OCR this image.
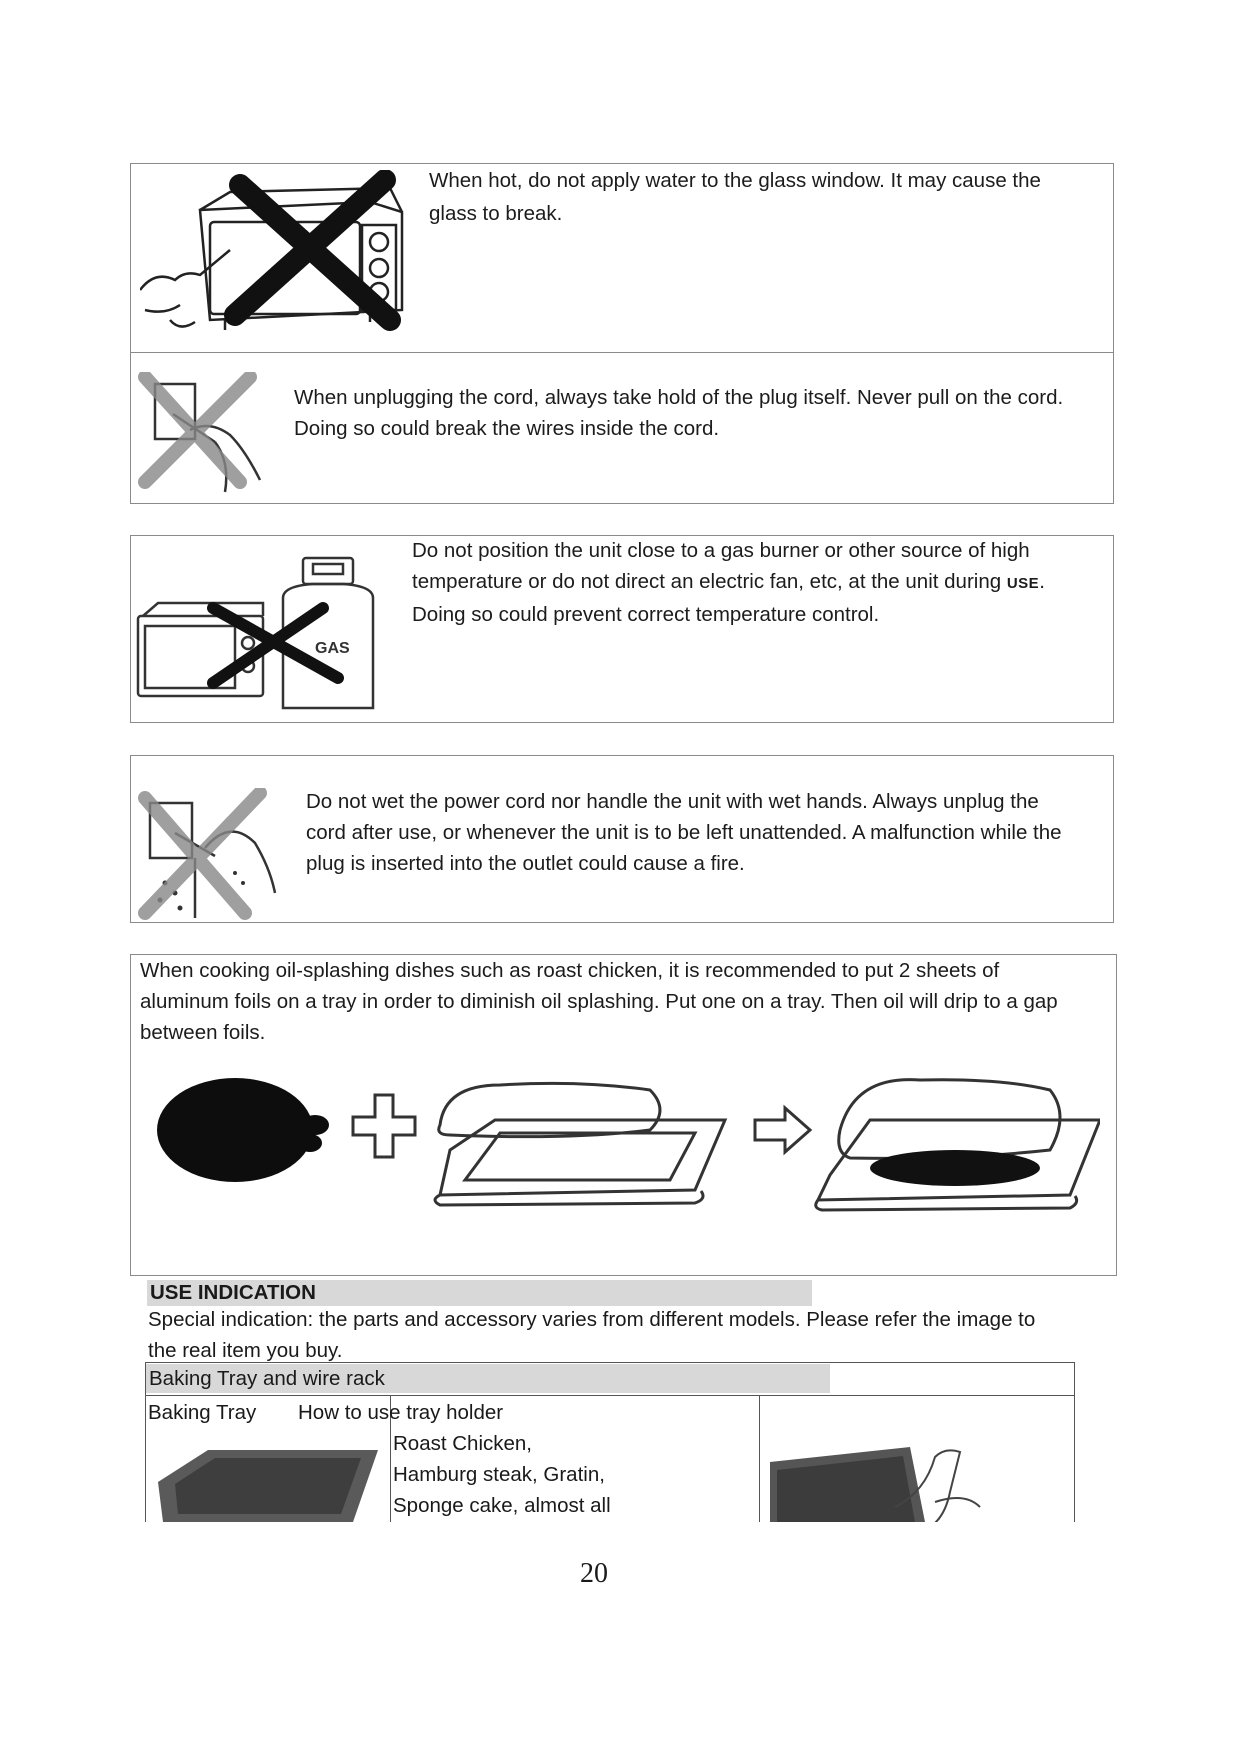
When hot, do not apply water to the glass window. It may cause the
glass to break.
When unplugging the cord, always take hold of the plug itself. Never pull on the cord.
Doing so could break the wires inside the cord.
GAS
Do not position the unit close to a gas burner or other source of high
temperature or do not direct an electric fan, etc, at the unit during USE.
Doing so could prevent correct temperature control.
Do not wet the power cord nor handle the unit with wet hands. Always unplug the
cord after use, or whenever the unit is to be left unattended. A malfunction while the
plug is inserted into the outlet could cause a fire.
When cooking oil-splashing dishes such as roast chicken, it is recommended to put 2 sheets of
aluminum foils on a tray in order to diminish oil splashing. Put one on a tray. Then oil will drip to a gap
between foils.
USE INDICATION
Special indication: the parts and accessory varies from different models. Please refer the image to
the real item you buy.
Baking Tray and wire rack
Baking Tray How to use tray holder
Roast Chicken,
Hamburg steak, Gratin,
Sponge cake, almost all
20
